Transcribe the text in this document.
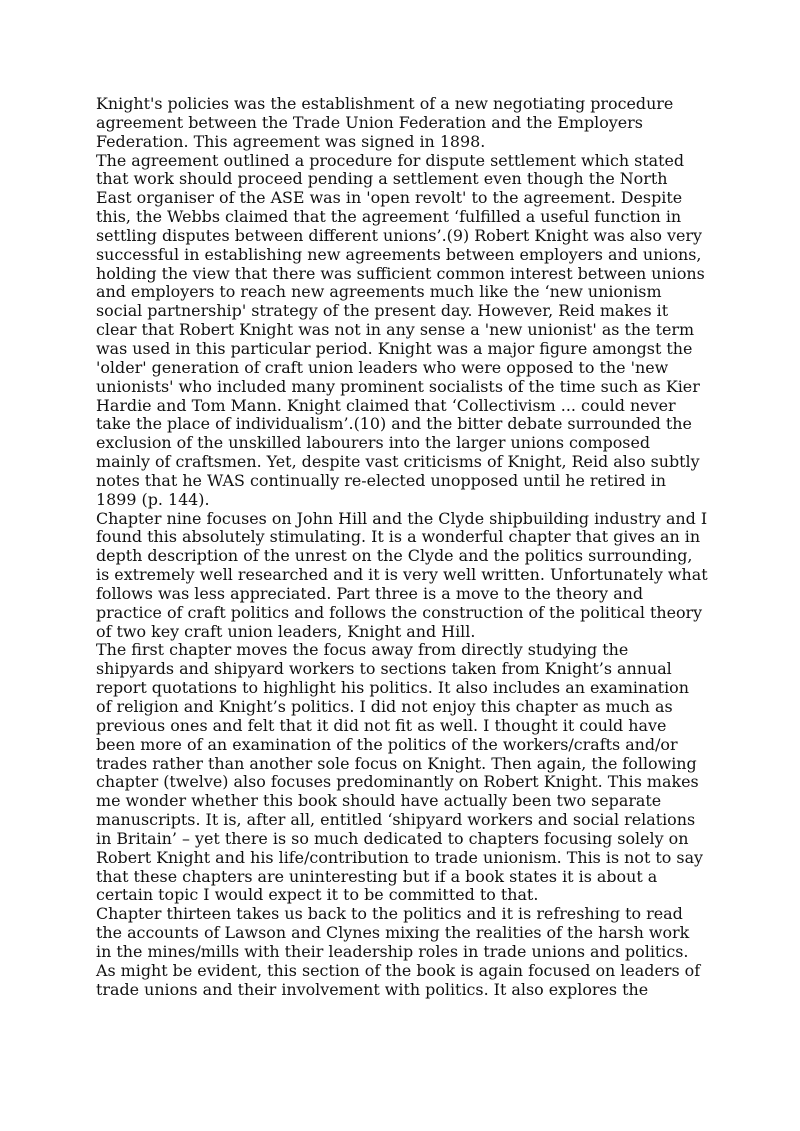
Knight's policies was the establishment of a new negotiating procedure agreement between the Trade Union Federation and the Employers Federation. This agreement was signed in 1898.

The agreement outlined a procedure for dispute settlement which stated that work should proceed pending a settlement even though the North East organiser of the ASE was in 'open revolt' to the agreement. Despite this, the Webbs claimed that the agreement ‘fulfilled a useful function in settling disputes between different unions’.(9) Robert Knight was also very successful in establishing new agreements between employers and unions, holding the view that there was sufficient common interest between unions and employers to reach new agreements much like the ‘new unionism social partnership' strategy of the present day. However, Reid makes it clear that Robert Knight was not in any sense a 'new unionist' as the term was used in this particular period. Knight was a major figure amongst the 'older' generation of craft union leaders who were opposed to the 'new unionists' who included many prominent socialists of the time such as Kier Hardie and Tom Mann. Knight claimed that ‘Collectivism ... could never take the place of individualism’.(10) and the bitter debate surrounded the exclusion of the unskilled labourers into the larger unions composed mainly of craftsmen. Yet, despite vast criticisms of Knight, Reid also subtly notes that he WAS continually re-elected unopposed until he retired in 1899 (p. 144).

Chapter nine focuses on John Hill and the Clyde shipbuilding industry and I found this absolutely stimulating. It is a wonderful chapter that gives an in depth description of the unrest on the Clyde and the politics surrounding, is extremely well researched and it is very well written. Unfortunately what follows was less appreciated. Part three is a move to the theory and practice of craft politics and follows the construction of the political theory of two key craft union leaders, Knight and Hill.

The first chapter moves the focus away from directly studying the shipyards and shipyard workers to sections taken from Knight’s annual report quotations to highlight his politics. It also includes an examination of religion and Knight’s politics. I did not enjoy this chapter as much as previous ones and felt that it did not fit as well. I thought it could have been more of an examination of the politics of the workers/crafts and/or trades rather than another sole focus on Knight. Then again, the following chapter (twelve) also focuses predominantly on Robert Knight. This makes me wonder whether this book should have actually been two separate manuscripts. It is, after all, entitled ‘shipyard workers and social relations in Britain’ – yet there is so much dedicated to chapters focusing solely on Robert Knight and his life/contribution to trade unionism. This is not to say that these chapters are uninteresting but if a book states it is about a certain topic I would expect it to be committed to that.

Chapter thirteen takes us back to the politics and it is refreshing to read the accounts of Lawson and Clynes mixing the realities of the harsh work in the mines/mills with their leadership roles in trade unions and politics. As might be evident, this section of the book is again focused on leaders of trade unions and their involvement with politics. It also explores the
